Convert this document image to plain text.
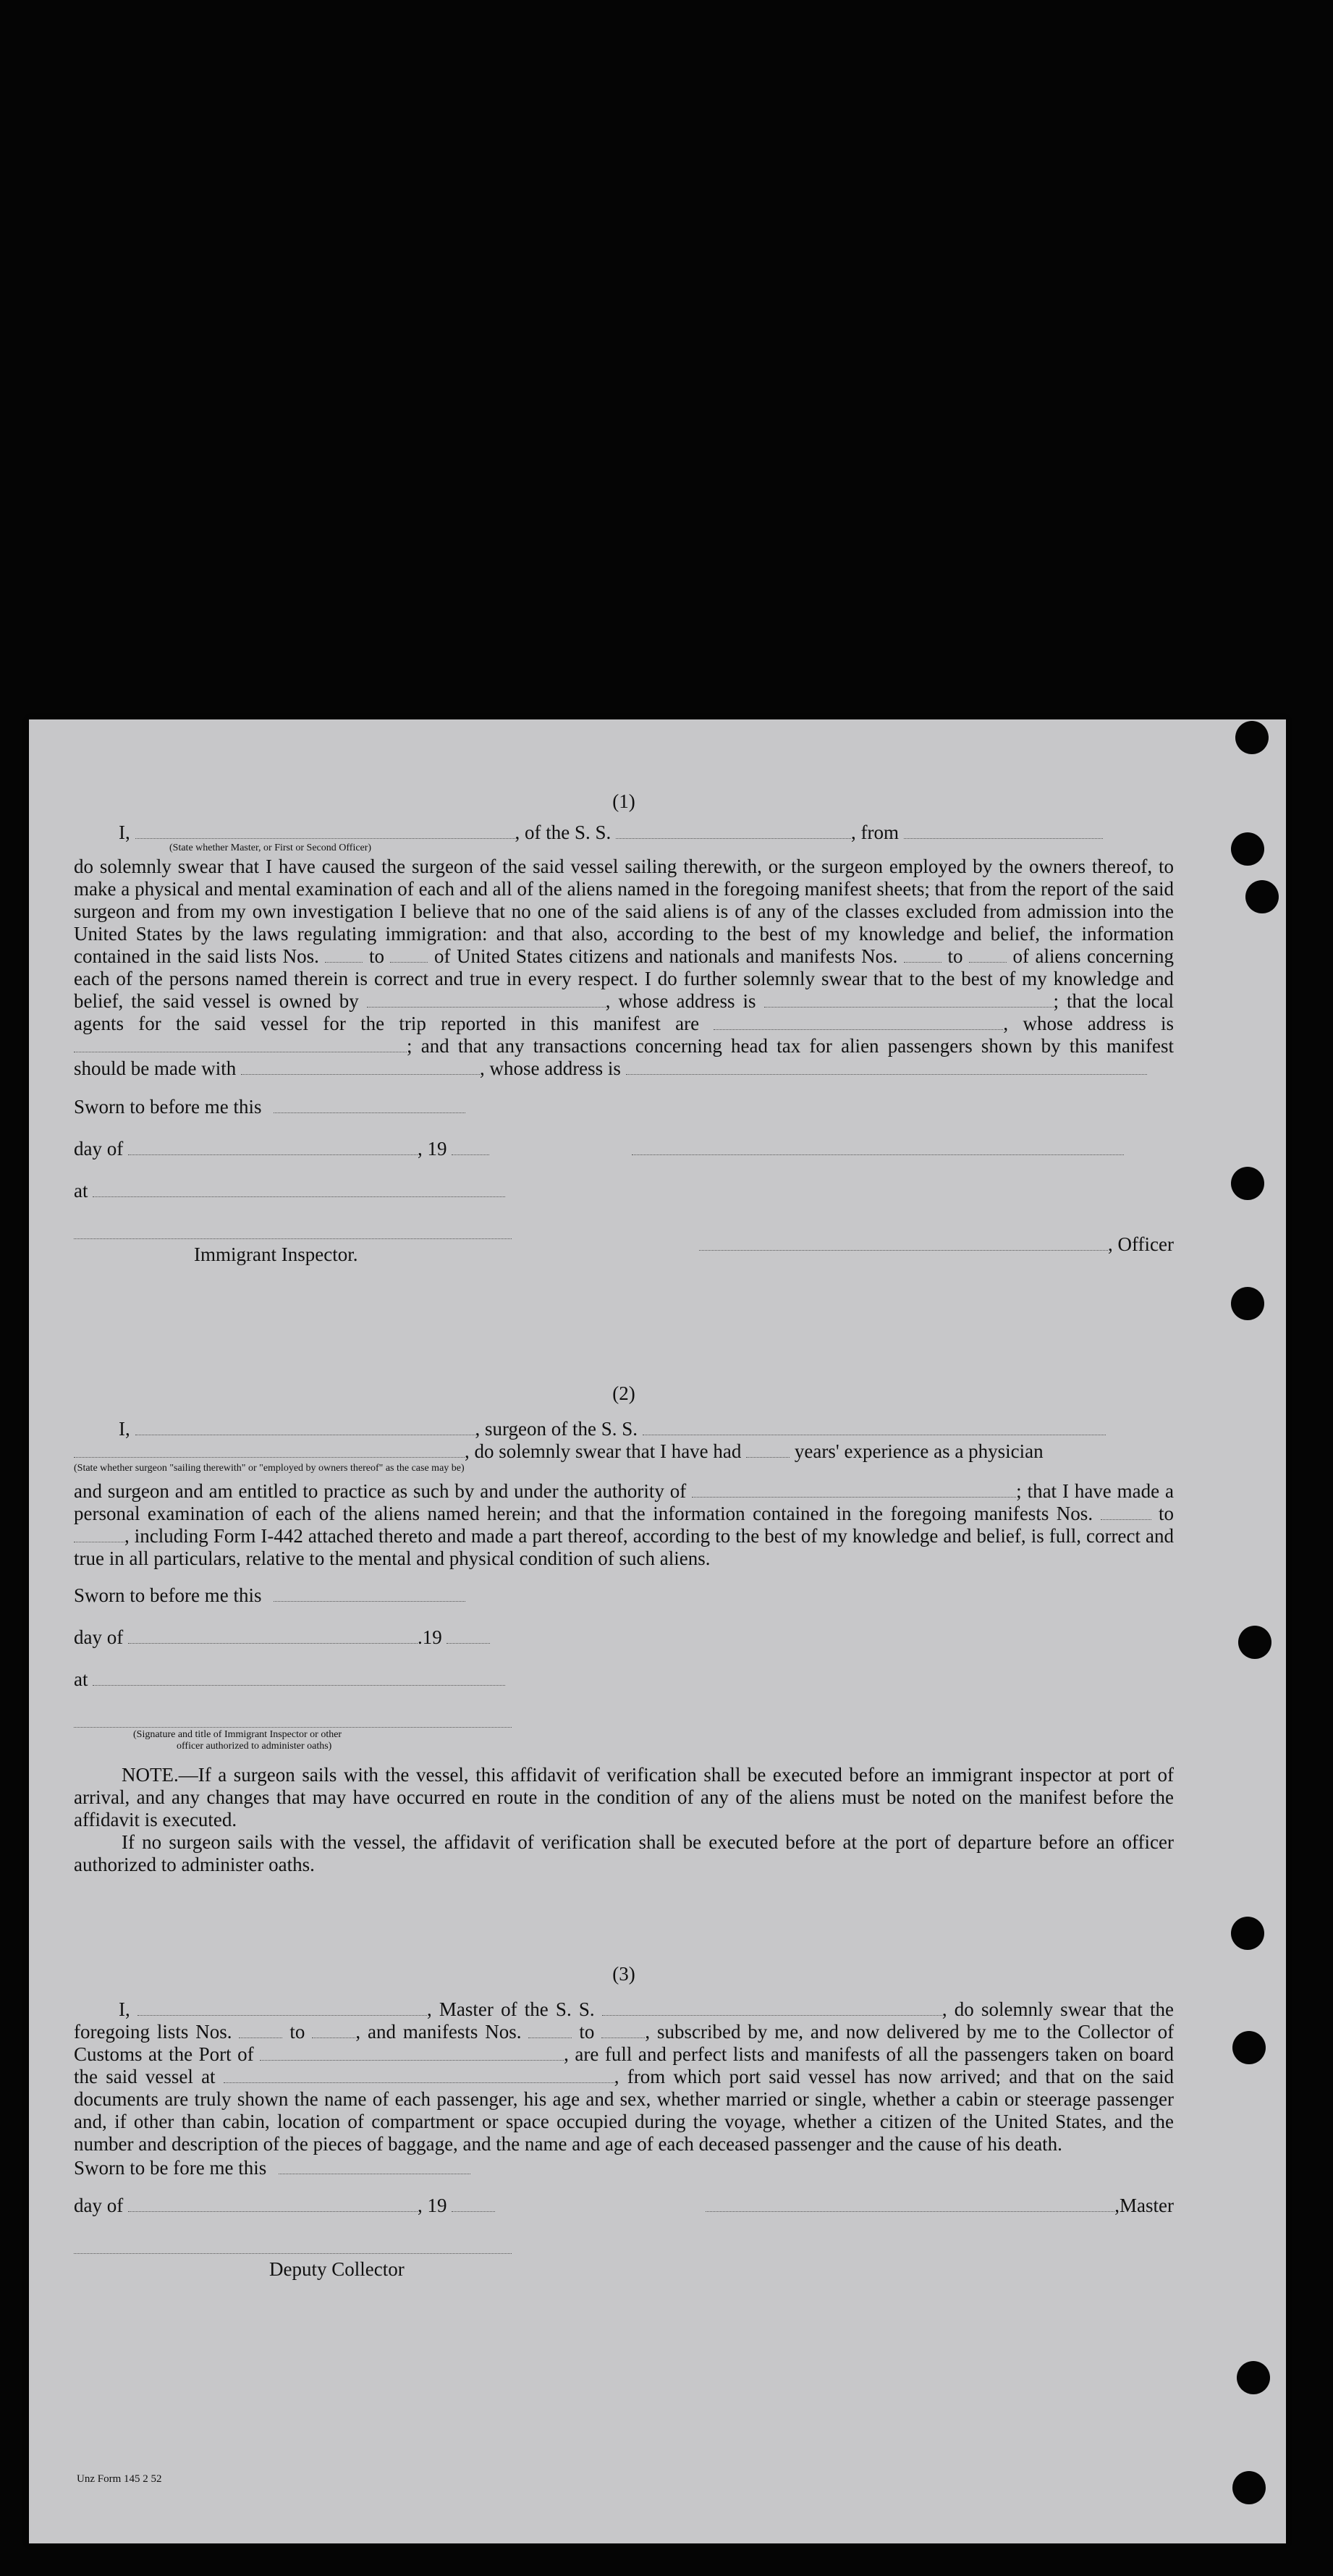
(1)

I,	, of the S. S.	, from

(State whether Master, or First or Second Officer)

do solemnly swear that I have caused the surgeon of the said vessel sailing therewith, or the surgeon employed by the owners thereof, to make a physical and mental examination of each and all of the aliens named in the foregoing manifest sheets; that from the report of the said surgeon and from my own investigation I believe that no one of the said aliens is of any of the classes excluded from admission into the United States by the laws regulating immigration: and that also, according to the best of my knowledge and belief, the information contained in the said lists Nos.	to	of United States citizens and nationals and manifests Nos.	to	of aliens concerning each of the persons named therein is correct and true in every respect. I do further solemnly swear that to the best of my knowledge and belief, the said vessel is owned by	, whose address is	; that the local agents for the said vessel for the trip reported in this manifest are	, whose address is ; and that any transactions concerning head tax for alien passengers shown by this manifest should be made with	, whose address is

Sworn to before me this
day of	, 19
at
Immigrant Inspector.	, Officer

(2)

I,	, surgeon of the S. S.

, do solemnly swear that I have had	years' experience as a physician

(State whether surgeon "sailing therewith" or "employed by owners thereof" as the case may be)

and surgeon and am entitled to practice as such by and under the authority of	; that I have made a personal examination of each of the aliens named herein; and that the information contained in the foregoing manifests Nos.	to , including Form I-442 attached thereto and made a part thereof, according to the best of my knowledge and belief, is full, correct and true in all particulars, relative to the mental and physical condition of such aliens.

Sworn to before me this
day of	.19
at
(Signature and title of Immigrant Inspector or other
officer authorized to administer oaths)

NOTE.—If a surgeon sails with the vessel, this affidavit of verification shall be executed before an immigrant inspector at port of arrival, and any changes that may have occurred en route in the condition of any of the aliens must be noted on the manifest before the affidavit is executed.

If no surgeon sails with the vessel, the affidavit of verification shall be executed before at the port of departure before an officer authorized to administer oaths.

(3)

I,	, Master of the S. S.	, do solemnly swear that the foregoing lists Nos.	to	, and manifests Nos.	to	, subscribed by me, and now delivered by me to the Collector of Customs at the Port of	, are full and perfect lists and manifests of all the passengers taken on board the said vessel at	, from which port said vessel has now arrived; and that on the said documents are truly shown the name of each passenger, his age and sex, whether married or single, whether a cabin or steerage passenger and, if other than cabin, location of compartment or space occupied during the voyage, whether a citizen of the United States, and the number and description of the pieces of baggage, and the name and age of each deceased passenger and the cause of his death.

Sworn to be fore me this
day of	, 19	,Master
Deputy Collector
Unz Form 145 2 52
